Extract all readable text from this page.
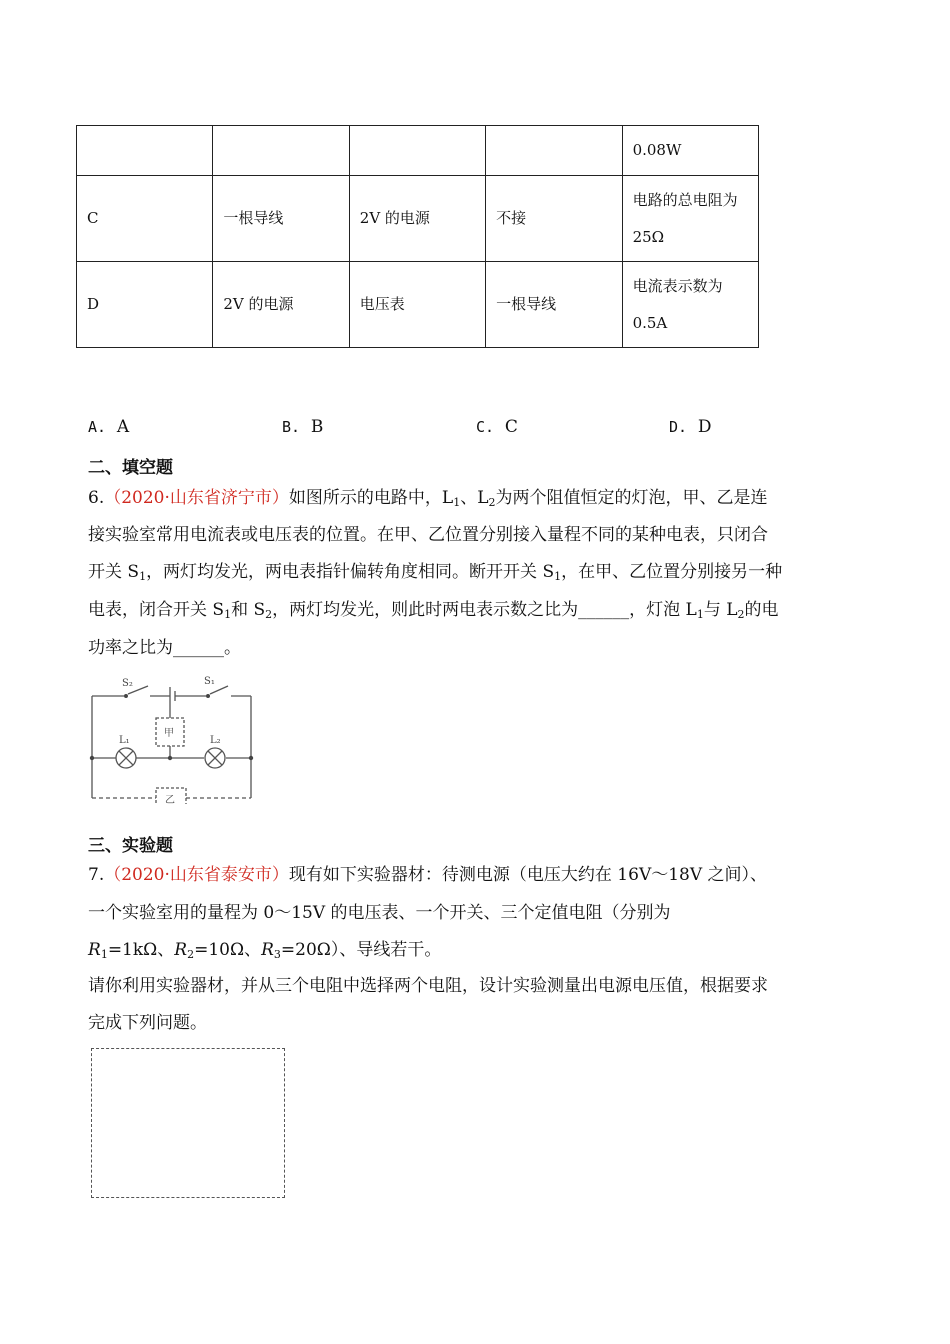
				0.08W
C	一根导线	2V 的电源	不接	电路的总电阻为
25Ω

D	2V 的电源	电压表	一根导线	电流表示数为
0.5A
A. A	B. B	C. C	D. D
二、填空题
6.（2020·山东省济宁市）如图所示的电路中，$L_1$、$L_2$为两个阻值恒定的灯泡，甲、乙是连
接实验室常用电流表或电压表的位置。在甲、乙位置分别接入量程不同的某种电表，只闭合
开关 $S_1$，两灯均发光，两电表指针偏转角度相同。断开开关 $S_1$，在甲、乙位置分别接另一种
电表，闭合开关 $S_1$和 $S_2$，两灯均发光，则此时两电表示数之比为______，灯泡 $L_1$与 $L_2$的电
功率之比为______。
S₂	S₁
L₁	L₂
甲
乙
三、实验题
7.（2020·山东省泰安市）现有如下实验器材：待测电源（电压大约在 16V～18V 之间）、
一个实验室用的量程为 0～15V 的电压表、一个开关、三个定值电阻（分别为
$R_1=1k\Omega$、$R_2=10\Omega$、$R_3=20\Omega$）、导线若干。
请你利用实验器材，并从三个电阻中选择两个电阻，设计实验测量出电源电压值，根据要求
完成下列问题。
